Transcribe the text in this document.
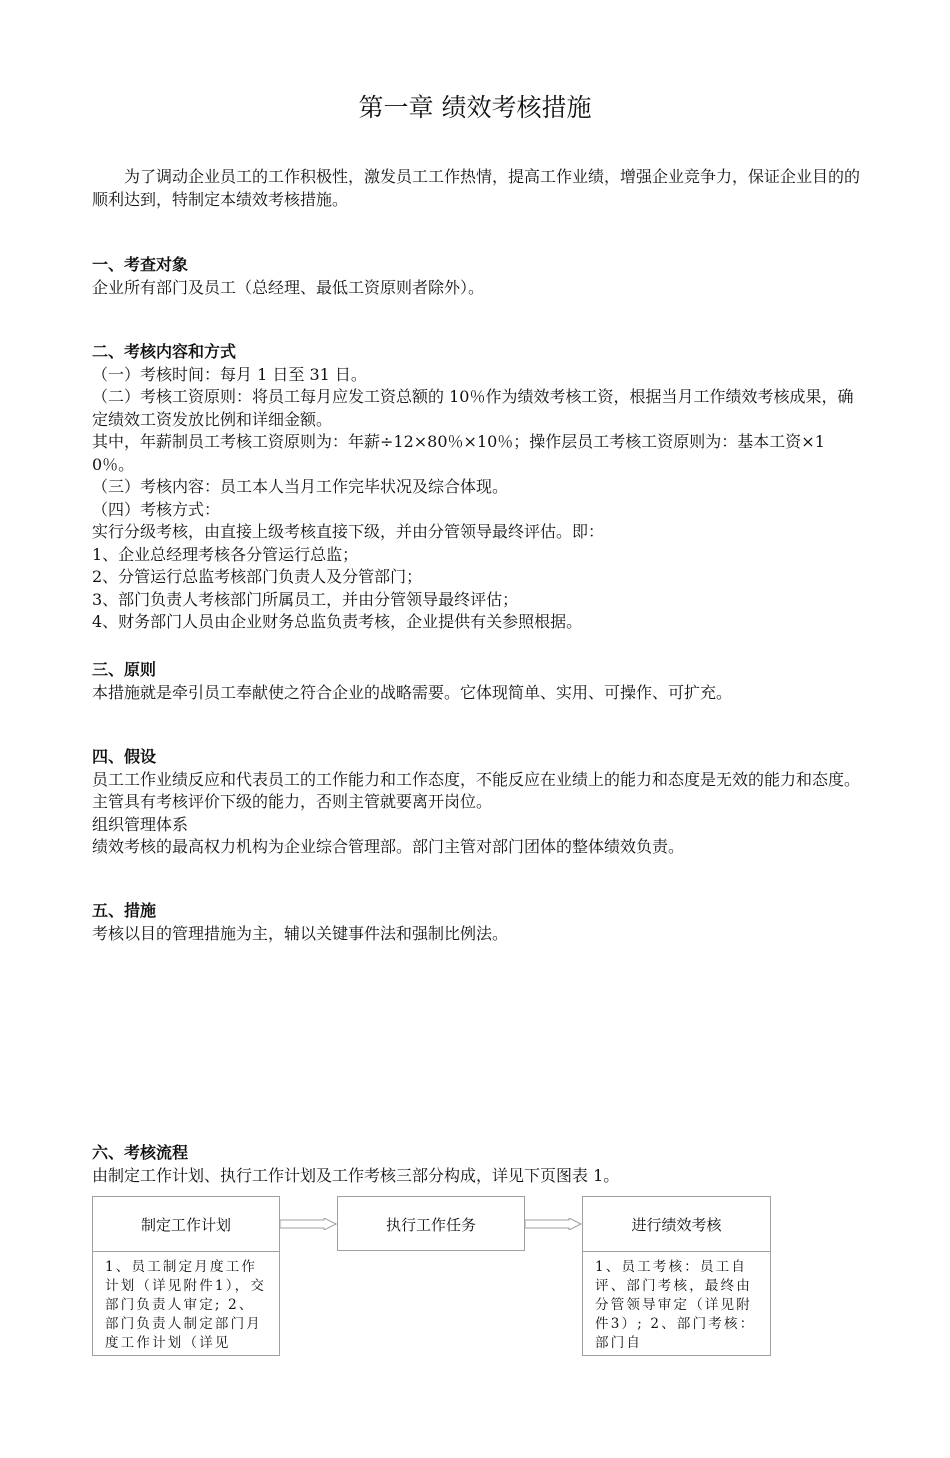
第一章 绩效考核措施

为了调动企业员工的工作积极性，激发员工工作热情，提高工作业绩，增强企业竞争力，保证企业目的的顺利达到，特制定本绩效考核措施。

一、考查对象

企业所有部门及员工（总经理、最低工资原则者除外）。

二、考核内容和方式

（一）考核时间：每月 1 日至 31 日。

（二）考核工资原则：将员工每月应发工资总额的 10％作为绩效考核工资，根据当月工作绩效考核成果，确定绩效工资发放比例和详细金额。

其中，年薪制员工考核工资原则为：年薪÷12×80％×10％；操作层员工考核工资原则为：基本工资×10％。

（三）考核内容：员工本人当月工作完毕状况及综合体现。

（四）考核方式：

实行分级考核，由直接上级考核直接下级，并由分管领导最终评估。即：

1、企业总经理考核各分管运行总监；

2、分管运行总监考核部门负责人及分管部门；

3、部门负责人考核部门所属员工，并由分管领导最终评估；

4、财务部门人员由企业财务总监负责考核，企业提供有关参照根据。

三、原则

本措施就是牵引员工奉献使之符合企业的战略需要。它体现简单、实用、可操作、可扩充。

四、假设

员工工作业绩反应和代表员工的工作能力和工作态度，不能反应在业绩上的能力和态度是无效的能力和态度。主管具有考核评价下级的能力，否则主管就要离开岗位。

组织管理体系

绩效考核的最高权力机构为企业综合管理部。部门主管对部门团体的整体绩效负责。

五、措施

考核以目的管理措施为主，辅以关键事件法和强制比例法。

六、考核流程

由制定工作计划、执行工作计划及工作考核三部分构成，详见下页图表 1。

制定工作计划
1、员工制定月度工作计划（详见附件1），交部门负责人审定; 2、部门负责人制定部门月度工作计划（详见
执行工作任务	进行绩效考核
1、员工考核：员工自评、部门考核，最终由分管领导审定（详见附件3）; 2、部门考核：部门自
